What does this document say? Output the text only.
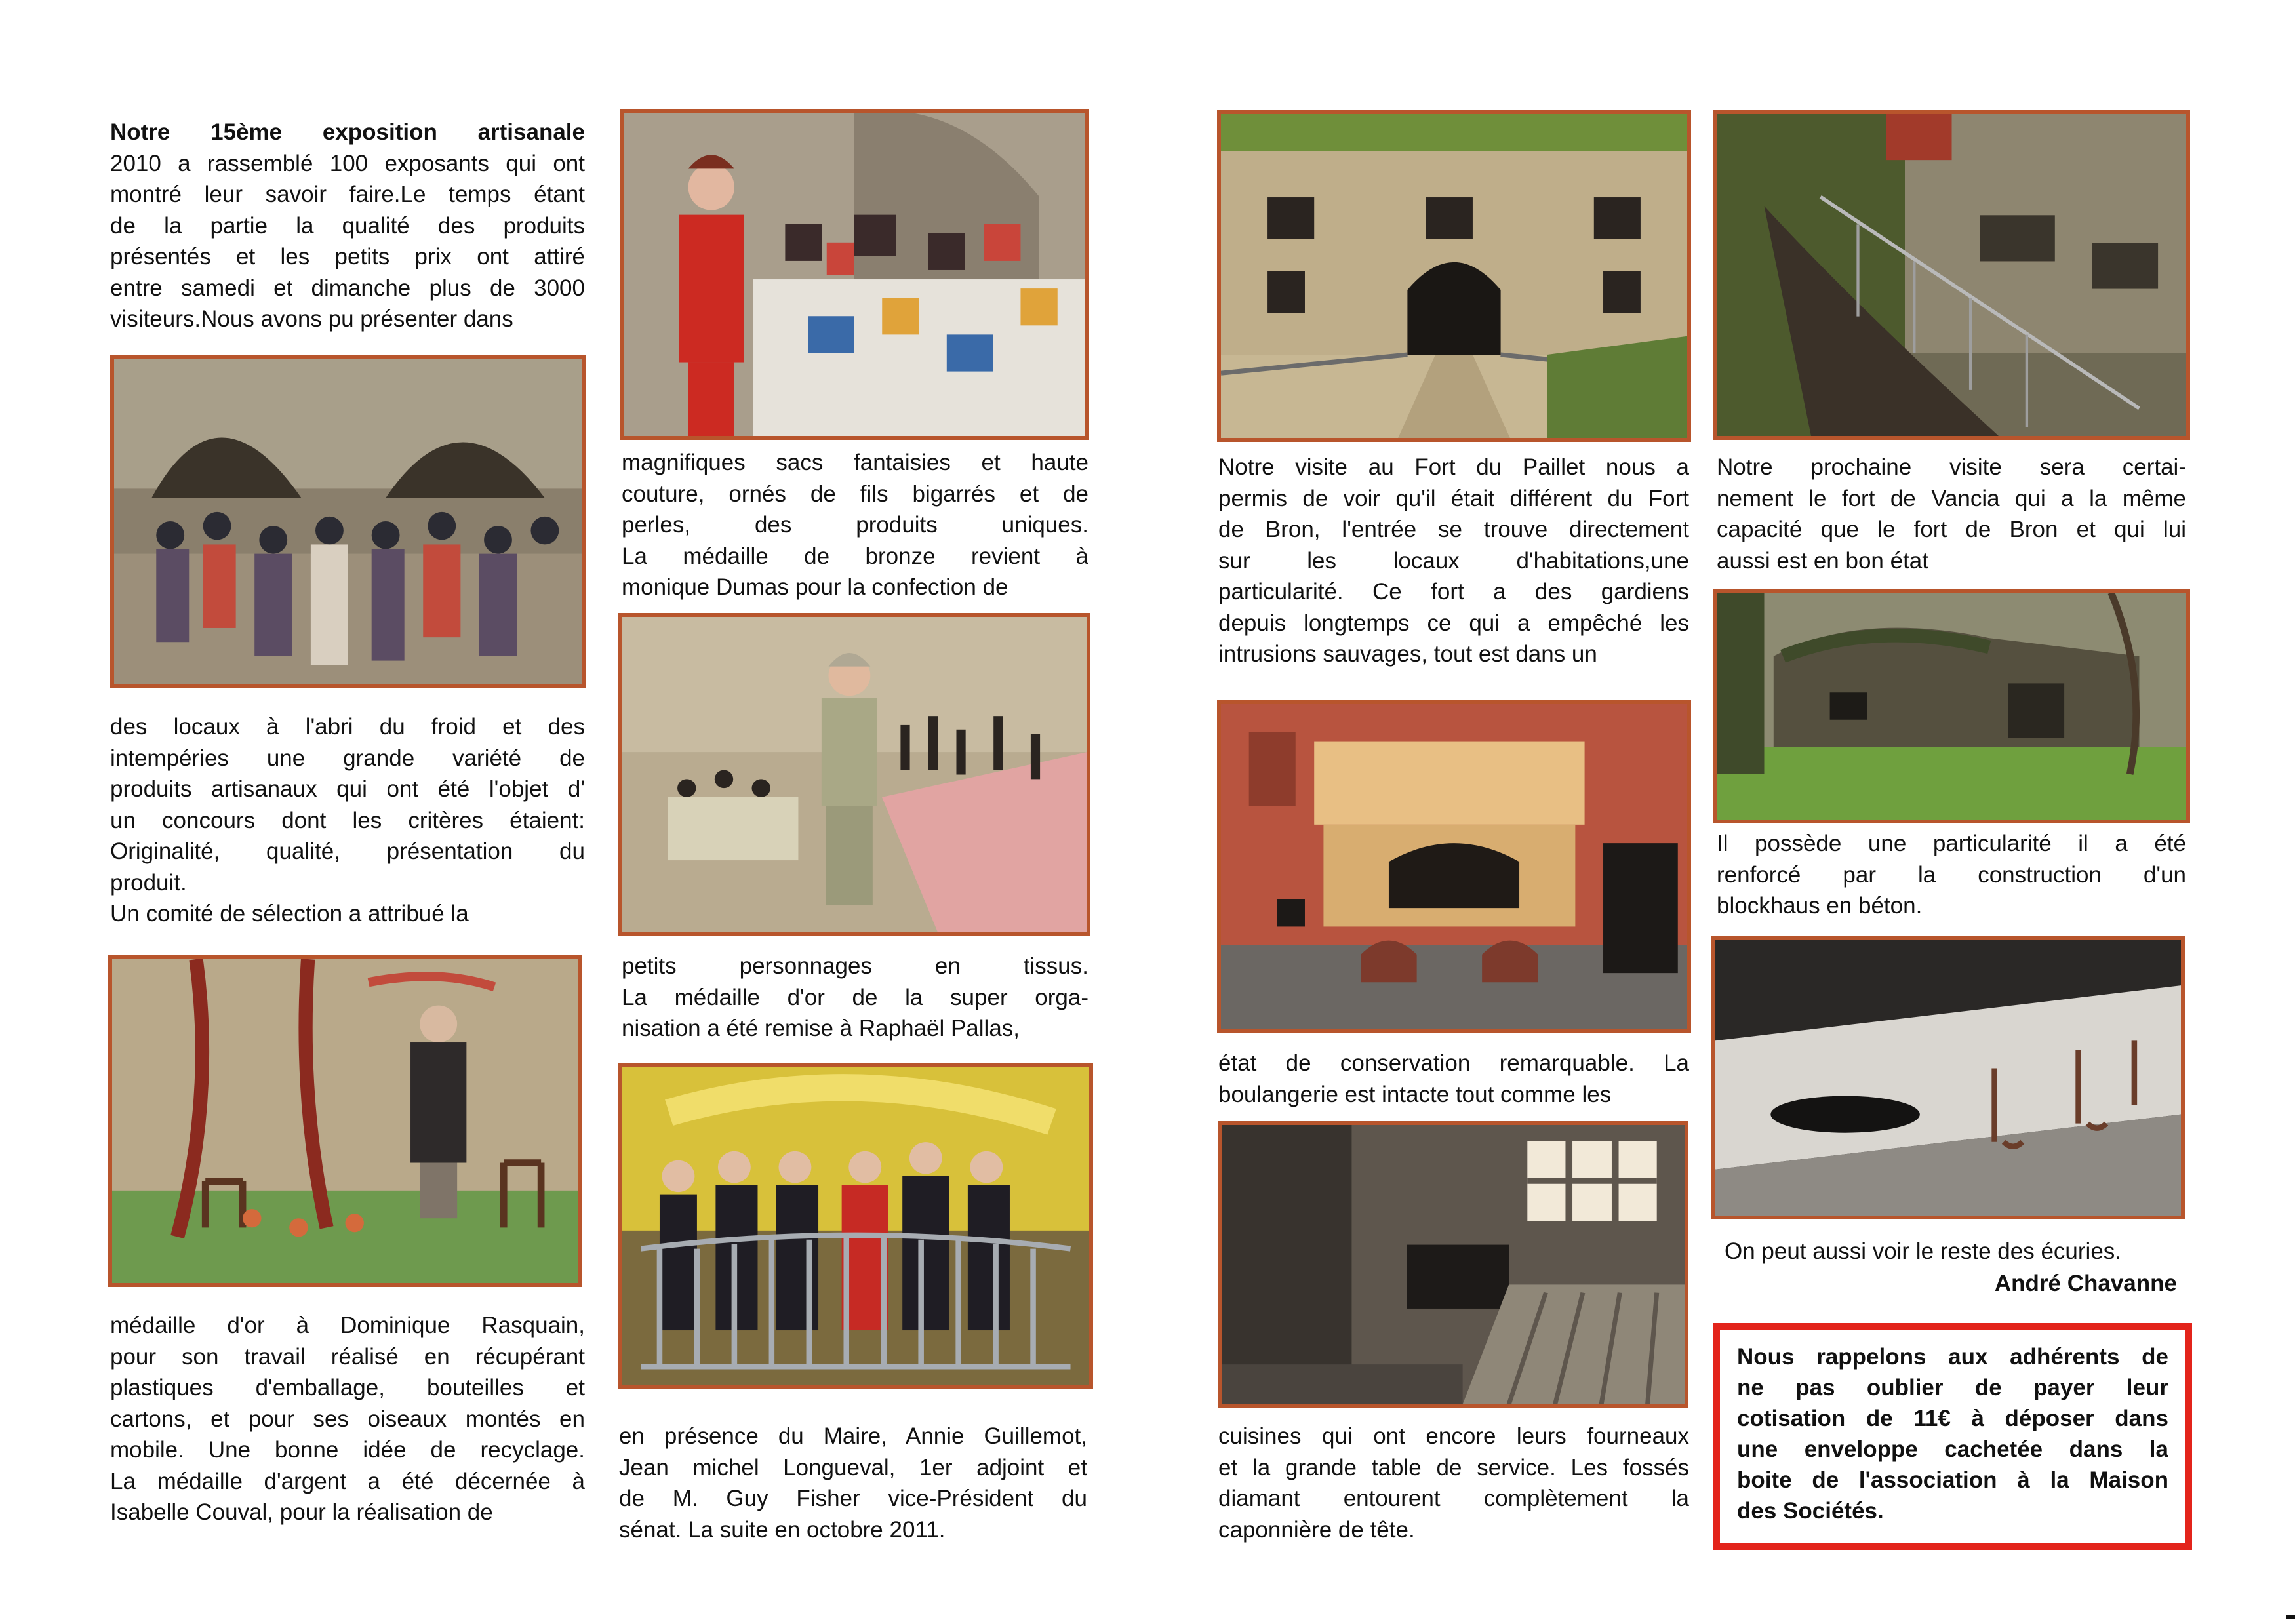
Notre 15ème exposition artisanale
2010 a rassemblé 100 exposants qui ont
montré leur savoir faire.Le temps étant
de la partie la qualité des produits
présentés et les petits prix ont attiré
entre samedi et dimanche plus de 3000
visiteurs.Nous avons pu présenter dans
des locaux à l'abri du froid et des
intempéries une grande variété de
produits artisanaux qui ont été l'objet d'
un concours dont les critères étaient:
Originalité, qualité, présentation du
produit.
Un comité de sélection a attribué la
médaille d'or à Dominique Rasquain,
pour son travail réalisé en récupérant
plastiques d'emballage, bouteilles et
cartons, et pour ses oiseaux montés en
mobile. Une bonne idée de recyclage.
La médaille d'argent a été décernée à
Isabelle Couval, pour la réalisation de
magnifiques sacs fantaisies et haute
couture, ornés de fils bigarrés et de
perles, des produits uniques.
La médaille de bronze revient à
monique Dumas pour la confection de
petits personnages en tissus.
La médaille d'or de la super orga-
nisation a été remise à Raphaël Pallas,
en présence du Maire, Annie Guillemot,
Jean michel Longueval, 1er adjoint et
de M. Guy Fisher vice-Président du
sénat. La suite en octobre 2011.
Notre visite au Fort du Paillet nous a
permis de voir qu'il était différent du Fort
de Bron, l'entrée se trouve directement
sur les locaux d'habitations,une
particularité. Ce fort a des gardiens
depuis longtemps ce qui a empêché les
intrusions sauvages, tout est dans un
état de conservation remarquable. La
boulangerie est intacte tout comme les
cuisines qui ont encore leurs fourneaux
et la grande table de service. Les fossés
diamant entourent complètement la
caponnière de tête.
Notre prochaine visite sera certai-
nement le fort de Vancia qui a la même
capacité que le fort de Bron et qui lui
aussi est en bon état
Il possède une particularité il a été
renforcé par la construction d'un
blockhaus en béton.
On peut aussi voir le reste des écuries.
André Chavanne
Nous rappelons aux adhérents de
ne pas oublier de payer leur
cotisation de 11€ à déposer dans
une enveloppe cachetée dans la
boite de l'association à la Maison
des Sociétés.
